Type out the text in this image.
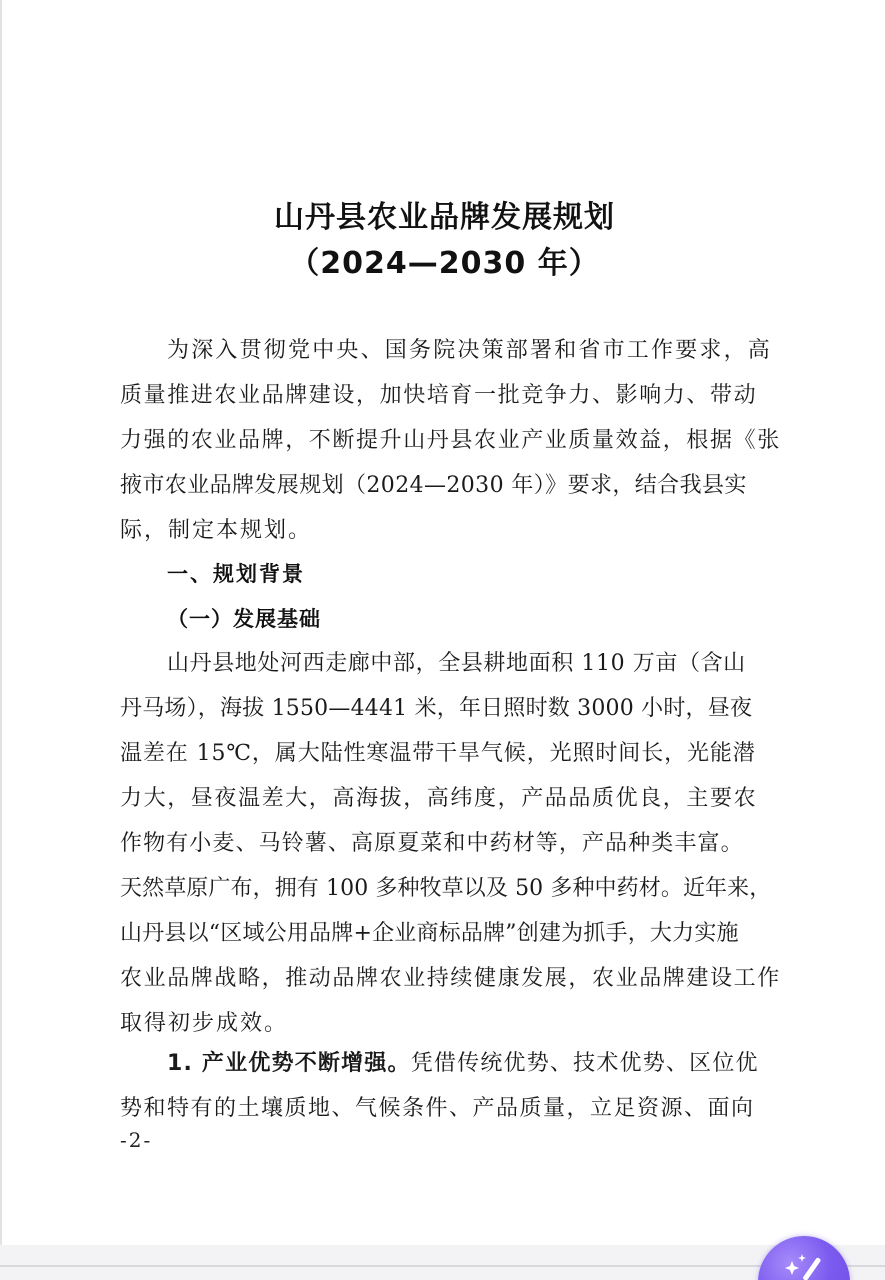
山丹县农业品牌发展规划
（2024—2030 年）
为深入贯彻党中央、国务院决策部署和省市工作要求，高
质量推进农业品牌建设，加快培育一批竞争力、影响力、带动
力强的农业品牌，不断提升山丹县农业产业质量效益，根据《张
掖市农业品牌发展规划（2024—2030 年）》要求，结合我县实
际，制定本规划。
一、规划背景
（一）发展基础
山丹县地处河西走廊中部，全县耕地面积 110 万亩（含山
丹马场），海拔 1550—4441 米，年日照时数 3000 小时，昼夜
温差在 15℃，属大陆性寒温带干旱气候，光照时间长，光能潜
力大，昼夜温差大，高海拔，高纬度，产品品质优良，主要农
作物有小麦、马铃薯、高原夏菜和中药材等，产品种类丰富。
天然草原广布，拥有 100 多种牧草以及 50 多种中药材。近年来，
山丹县以“区域公用品牌+企业商标品牌”创建为抓手，大力实施
农业品牌战略，推动品牌农业持续健康发展，农业品牌建设工作
取得初步成效。
1. 产业优势不断增强。凭借传统优势、技术优势、区位优
势和特有的土壤质地、气候条件、产品质量，立足资源、面向
-2-
